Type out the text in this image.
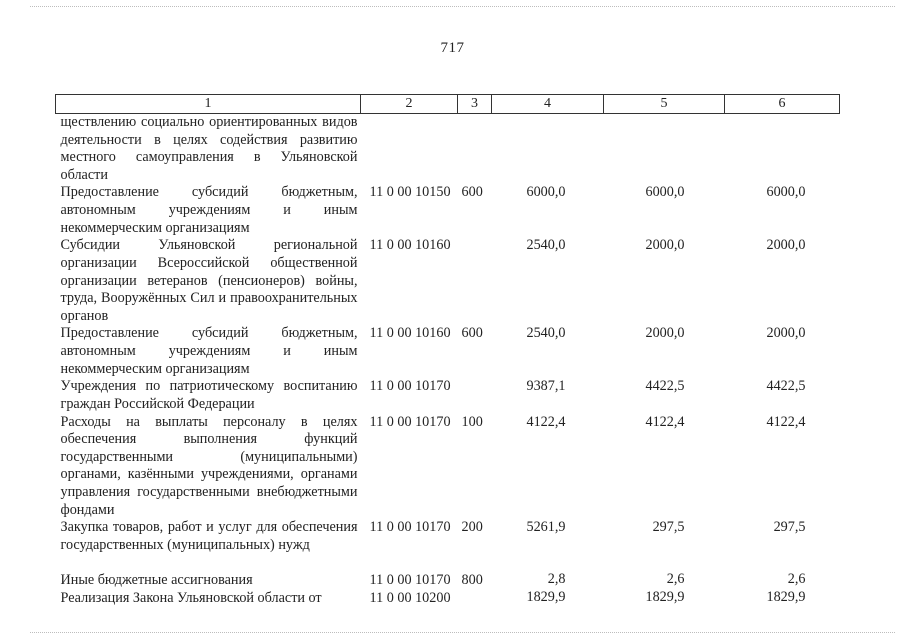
717
1	2	3	4	5	6
ществлению социально ориентированных видов деятельности в целях содействия развитию местного самоуправления в Ульяновской области					
Предоставление субсидий бюджетным, автономным учреждениям и иным некоммерческим организациям	11 0 00 10150	600	6000,0	6000,0	6000,0
Субсидии Ульяновской региональной организации Всероссийской общественной организации ветеранов (пенсионеров) войны, труда, Вооружённых Сил и правоохранительных органов	11 0 00 10160		2540,0	2000,0	2000,0
Предоставление субсидий бюджетным, автономным учреждениям и иным некоммерческим организациям	11 0 00 10160	600	2540,0	2000,0	2000,0
Учреждения по патриотическому воспитанию граждан Российской Федерации	11 0 00 10170		9387,1	4422,5	4422,5
Расходы на выплаты персоналу в целях обеспечения выполнения функций государственными (муниципальными) органами, казёнными учреждениями, органами управления государственными внебюджетными фондами	11 0 00 10170	100	4122,4	4122,4	4122,4
Закупка товаров, работ и услуг для обеспечения государственных (муниципальных) нужд	11 0 00 10170	200	5261,9	297,5	297,5
Иные бюджетные ассигнования	11 0 00 10170	800	2,8	2,6	2,6
Реализация Закона Ульяновской области от	11 0 00 10200		1829,9	1829,9	1829,9
